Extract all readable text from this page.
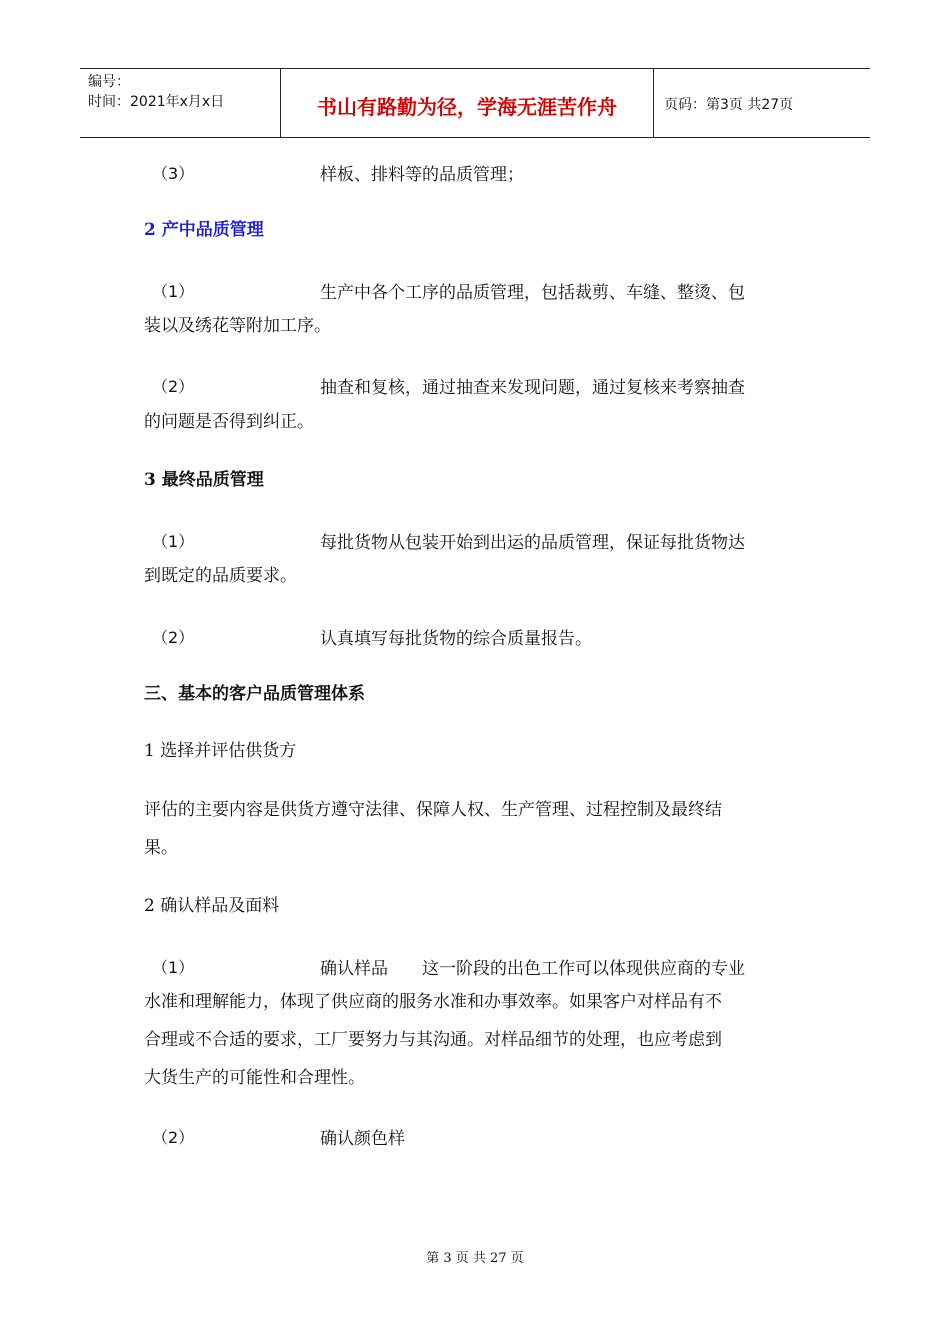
编号：
时间：2021年x月x日	书山有路勤为径，学海无涯苦作舟	页码：第3页 共27页
（3）	样板、排料等的品质管理；
2 产中品质管理
（1）	生产中各个工序的品质管理，包括裁剪、车缝、整烫、包
装以及绣花等附加工序。
（2）	抽查和复核，通过抽查来发现问题，通过复核来考察抽查
的问题是否得到纠正。
3 最终品质管理
（1）	每批货物从包装开始到出运的品质管理，保证每批货物达
到既定的品质要求。
（2）	认真填写每批货物的综合质量报告。
三、基本的客户品质管理体系
1 选择并评估供货方
评估的主要内容是供货方遵守法律、保障人权、生产管理、过程控制及最终结
果。
2 确认样品及面料
（1）	确认样品　　这一阶段的出色工作可以体现供应商的专业
水准和理解能力，体现了供应商的服务水准和办事效率。如果客户对样品有不
合理或不合适的要求，工厂要努力与其沟通。对样品细节的处理，也应考虑到
大货生产的可能性和合理性。
（2）	确认颜色样
第 3 页 共 27 页
